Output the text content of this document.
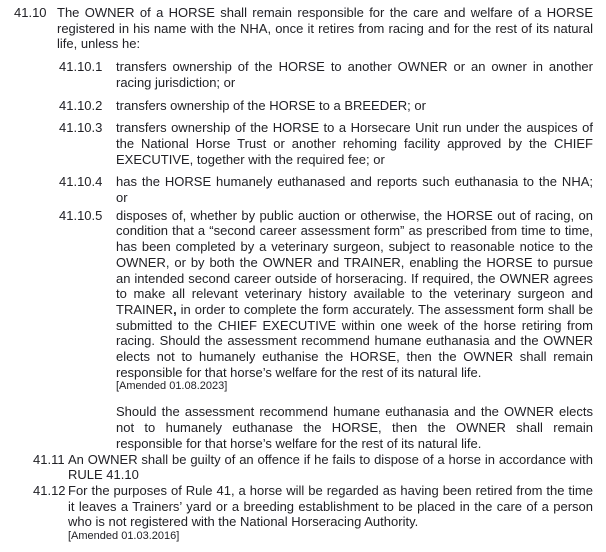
41.10 The OWNER of a HORSE shall remain responsible for the care and welfare of a HORSE registered in his name with the NHA, once it retires from racing and for the rest of its natural life, unless he:
41.10.1	transfers ownership of the HORSE to another OWNER or an owner in another racing jurisdiction; or
41.10.2	transfers ownership of the HORSE to a BREEDER; or
41.10.3	transfers ownership of the HORSE to a Horsecare Unit run under the auspices of the National Horse Trust or another rehoming facility approved by the CHIEF EXECUTIVE, together with the required fee; or
41.10.4	has the HORSE humanely euthanased and reports such euthanasia to the NHA; or
41.10.5	disposes of, whether by public auction or otherwise, the HORSE out of racing, on condition that a “second career assessment form” as prescribed from time to time, has been completed by a veterinary surgeon, subject to reasonable notice to the OWNER, or by both the OWNER and TRAINER, enabling the HORSE to pursue an intended second career outside of horseracing. If required, the OWNER agrees to make all relevant veterinary history available to the veterinary surgeon and TRAINER, in order to complete the form accurately. The assessment form shall be submitted to the CHIEF EXECUTIVE within one week of the horse retiring from racing. Should the assessment recommend humane euthanasia and the OWNER elects not to humanely euthanise the HORSE, then the OWNER shall remain responsible for that horse’s welfare for the rest of its natural life.
[Amended 01.08.2023]
Should the assessment recommend humane euthanasia and the OWNER elects not to humanely euthanase the HORSE, then the OWNER shall remain responsible for that horse’s welfare for the rest of its natural life.
41.11 An OWNER shall be guilty of an offence if he fails to dispose of a horse in accordance with RULE 41.10
41.12 For the purposes of Rule 41, a horse will be regarded as having been retired from the time it leaves a Trainers’ yard or a breeding establishment to be placed in the care of a person who is not registered with the National Horseracing Authority.
[Amended 01.03.2016]
